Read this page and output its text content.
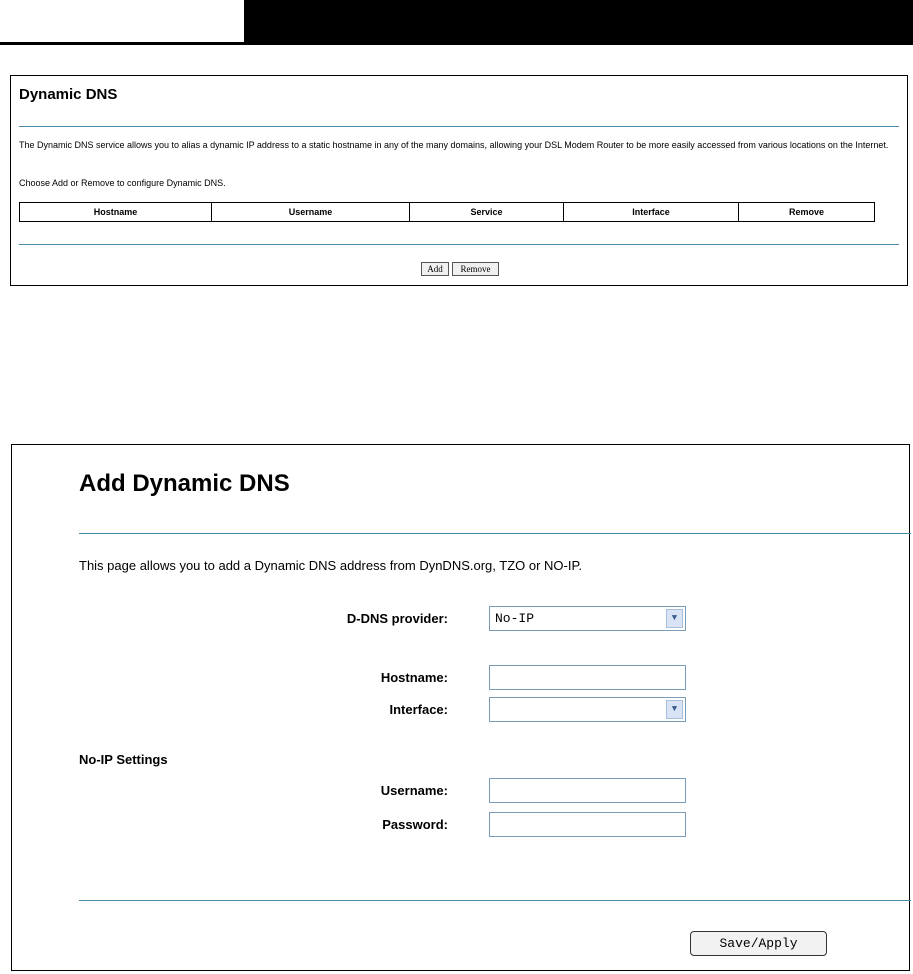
Dynamic DNS
The Dynamic DNS service allows you to alias a dynamic IP address to a static hostname in any of the many domains, allowing your DSL Modem Router to be more easily accessed from various locations on the Internet.
Choose Add or Remove to configure Dynamic DNS.
Hostname	Username	Service	Interface	Remove
Add	Remove
Add Dynamic DNS
This page allows you to add a Dynamic DNS address from DynDNS.org, TZO or NO-IP.
D-DNS provider:	No-IP	▼
Hostname:
Interface:	▼
No-IP Settings
Username:
Password:
Save/Apply
